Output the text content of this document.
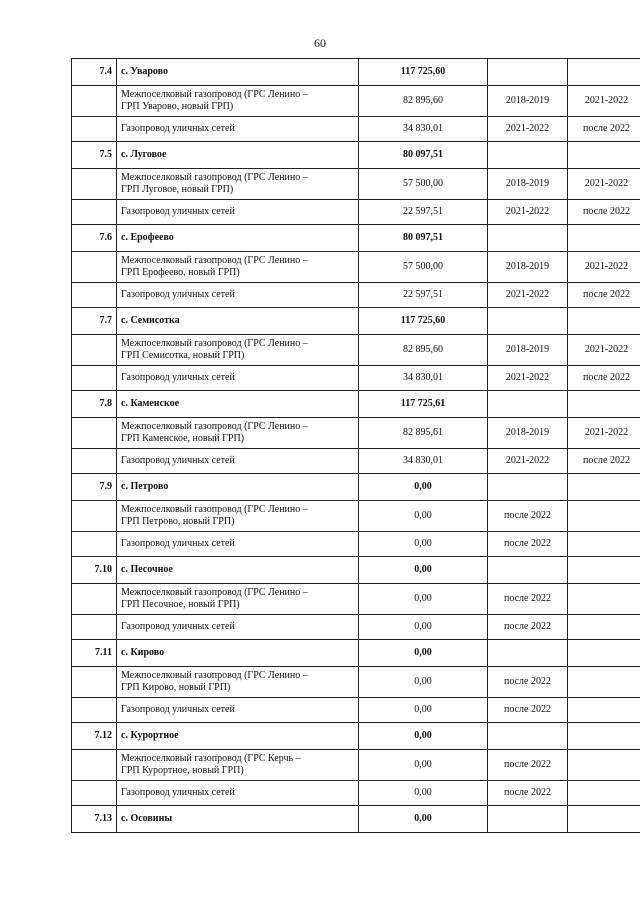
60
7.4	с. Уварово	117 725,60		

	Межпоселковый газопровод (ГРС Ленино –
ГРП Уварово, новый ГРП)	82 895,60	2018-2019	2021-2022

	Газопровод уличных сетей	34 830,01	2021-2022	после 2022
7.5	с. Луговое	80 097,51		

	Межпоселковый газопровод (ГРС Ленино –
ГРП Луговое, новый ГРП)	57 500,00	2018-2019	2021-2022

	Газопровод уличных сетей	22 597,51	2021-2022	после 2022
7.6	с. Ерофеево	80 097,51		

	Межпоселковый газопровод (ГРС Ленино –
ГРП Ерофеево, новый ГРП)	57 500,00	2018-2019	2021-2022

	Газопровод уличных сетей	22 597,51	2021-2022	после 2022
7.7	с. Семисотка	117 725,60		

	Межпоселковый газопровод (ГРС Ленино –
ГРП Семисотка, новый ГРП)	82 895,60	2018-2019	2021-2022

	Газопровод уличных сетей	34 830,01	2021-2022	после 2022
7.8	с. Каменское	117 725,61		

	Межпоселковый газопровод (ГРС Ленино –
ГРП Каменское, новый ГРП)	82 895,61	2018-2019	2021-2022

	Газопровод уличных сетей	34 830,01	2021-2022	после 2022
7.9	с. Петрово	0,00		

	Межпоселковый газопровод (ГРС Ленино –
ГРП Петрово, новый ГРП)	0,00	после 2022	

	Газопровод уличных сетей	0,00	после 2022	
7.10	с. Песочное	0,00		

	Межпоселковый газопровод (ГРС Ленино –
ГРП Песочное, новый ГРП)	0,00	после 2022	

	Газопровод уличных сетей	0,00	после 2022	
7.11	с. Кирово	0,00		

	Межпоселковый газопровод (ГРС Ленино –
ГРП Кирово, новый ГРП)	0,00	после 2022	

	Газопровод уличных сетей	0,00	после 2022	
7.12	с. Курортное	0,00		

	Межпоселковый газопровод (ГРС Керчь –
ГРП Курортное, новый ГРП)	0,00	после 2022	

	Газопровод уличных сетей	0,00	после 2022	
7.13	с. Осовины	0,00		
